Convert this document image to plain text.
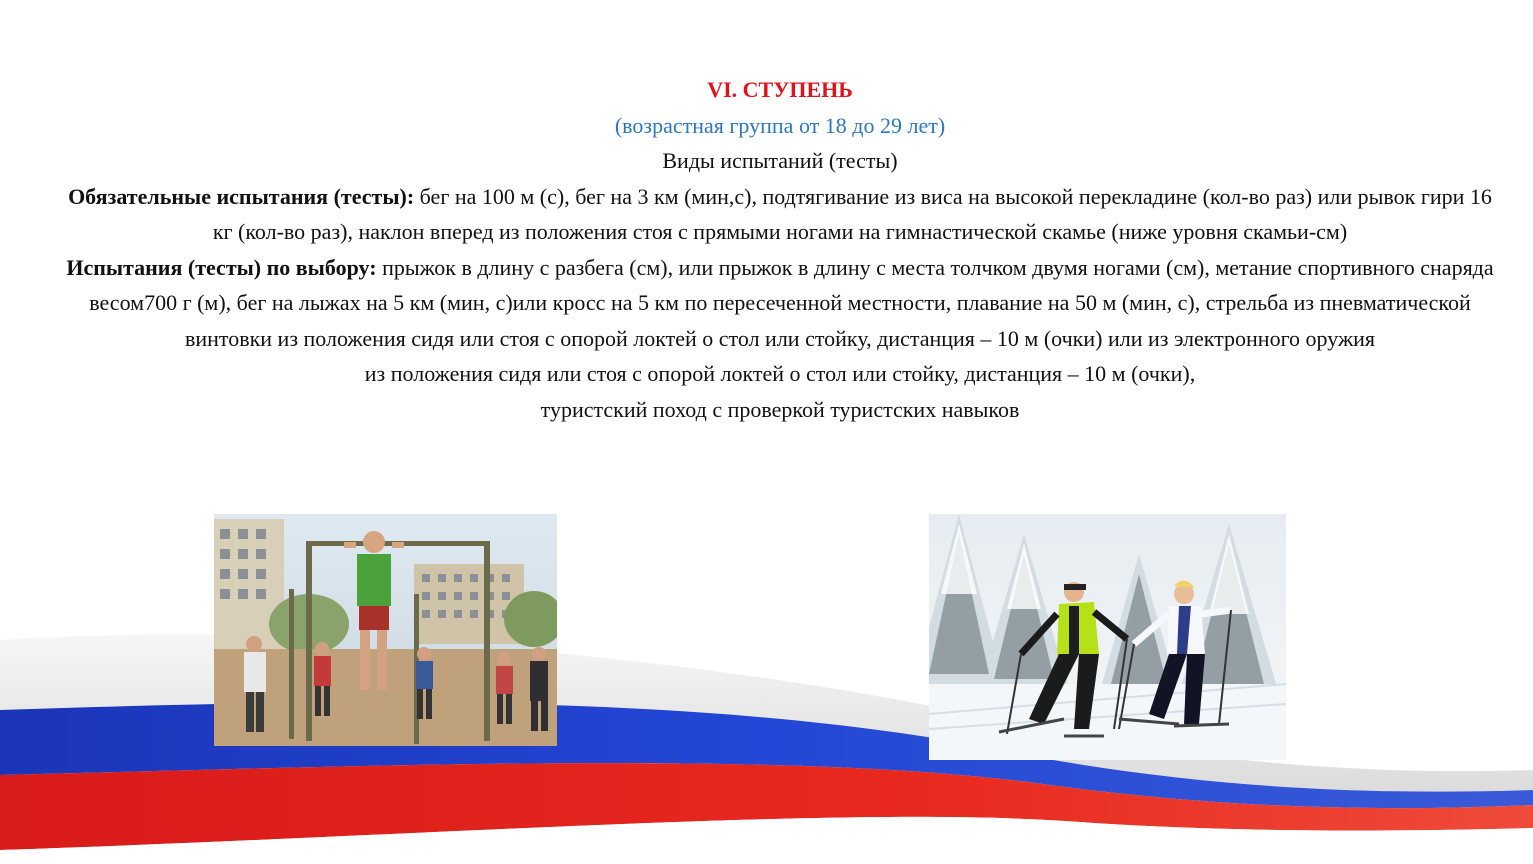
VI. СТУПЕНЬ
(возрастная группа от 18 до 29 лет)
Виды испытаний (тесты)
Обязательные испытания (тесты): бег на 100 м (с), бег на 3 км (мин,с), подтягивание из виса на высокой перекладине (кол-во раз) или рывок гири 16 кг (кол-во раз), наклон вперед из положения стоя с прямыми ногами на гимнастической скамье (ниже уровня скамьи-см)
Испытания (тесты) по выбору: прыжок в длину с разбега (см), или прыжок в длину с места толчком двумя ногами (см), метание спортивного снаряда весом700 г (м), бег на лыжах на 5 км (мин, с)или кросс на 5 км по пересеченной местности, плавание на 50 м (мин, с), стрельба из пневматической винтовки из положения сидя или стоя с опорой локтей о стол или стойку, дистанция – 10 м (очки) или из электронного оружия
из положения сидя или стоя с опорой локтей о стол или стойку, дистанция – 10 м (очки),
туристский поход с проверкой туристских навыков
